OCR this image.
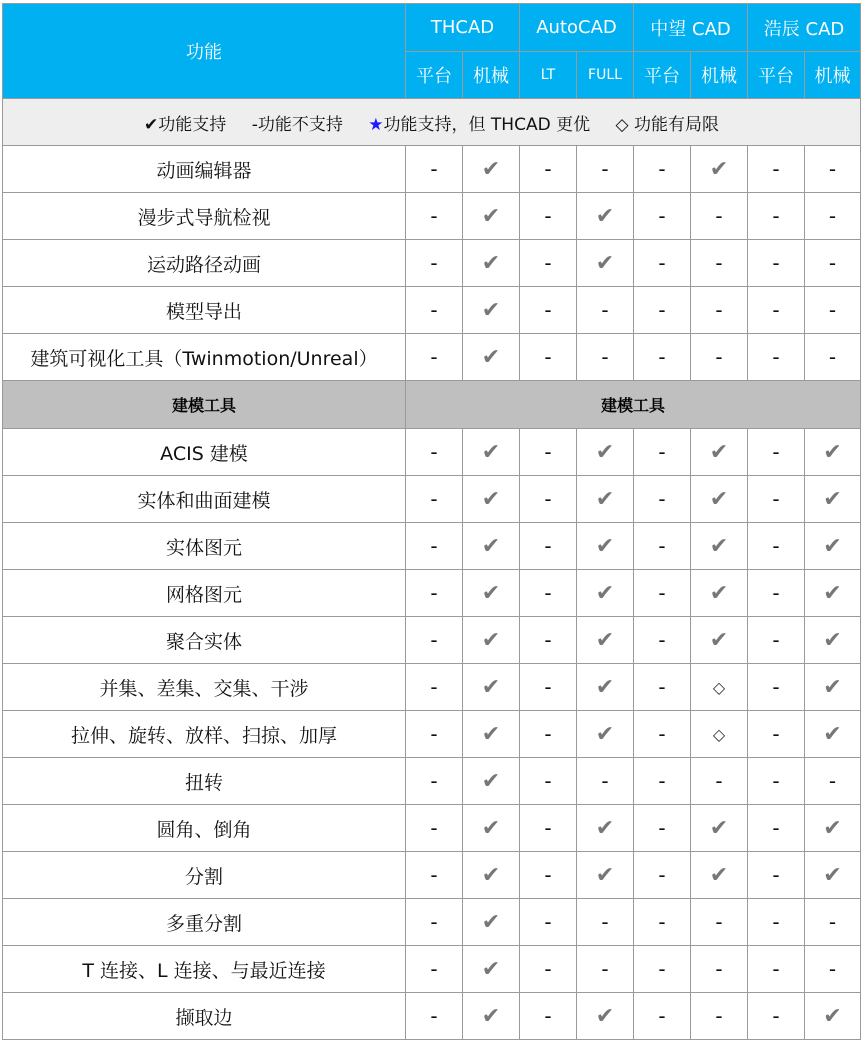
功能	THCAD		AutoCAD		中望 CAD		浩辰 CAD	
	平台	机械	LT	FULL	平台	机械	平台	机械
✔功能支持 -功能不支持 ★功能支持，但 THCAD 更优 ◇ 功能有局限								
动画编辑器	-	✔	-	-	-	✔	-	-
漫步式导航检视	-	✔	-	✔	-	-	-	-
运动路径动画	-	✔	-	✔	-	-	-	-
模型导出	-	✔	-	-	-	-	-	-
建筑可视化工具（Twinmotion/Unreal）	-	✔	-	-	-	-	-	-
建模工具	建模工具							
ACIS 建模	-	✔	-	✔	-	✔	-	✔
实体和曲面建模	-	✔	-	✔	-	✔	-	✔
实体图元	-	✔	-	✔	-	✔	-	✔
网格图元	-	✔	-	✔	-	✔	-	✔
聚合实体	-	✔	-	✔	-	✔	-	✔
并集、差集、交集、干涉	-	✔	-	✔	-	◇	-	✔
拉伸、旋转、放样、扫掠、加厚	-	✔	-	✔	-	◇	-	✔
扭转	-	✔	-	-	-	-	-	-
圆角、倒角	-	✔	-	✔	-	✔	-	✔
分割	-	✔	-	✔	-	✔	-	✔
多重分割	-	✔	-	-	-	-	-	-
T 连接、L 连接、与最近连接	-	✔	-	-	-	-	-	-
撷取边	-	✔	-	✔	-	-	-	✔
